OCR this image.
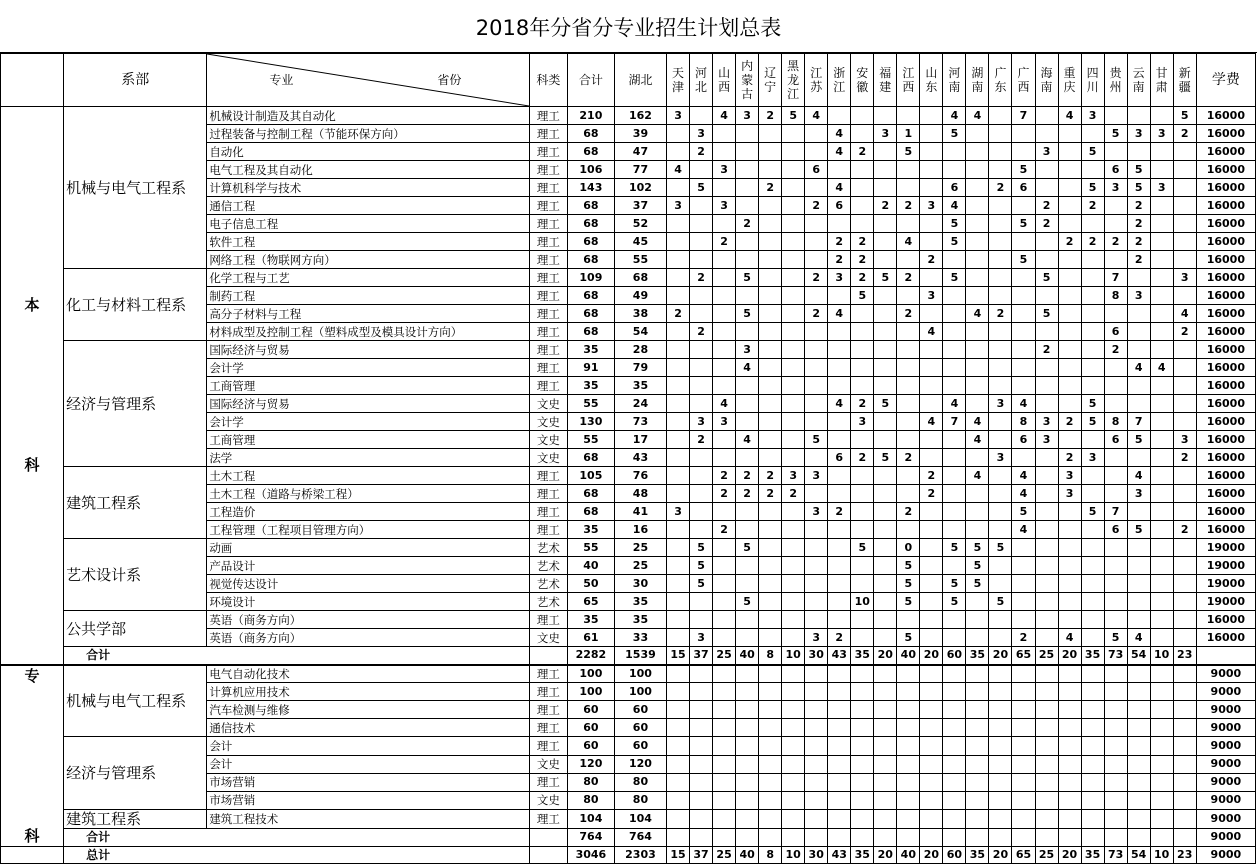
2018年分省分专业招生计划总表
	系部	专业 省份	科类	合计	湖北	天津	河北	山西	内蒙古	辽宁	黑龙江	江苏	浙江	安徽	福建	江西	山东	河南	湖南	广东	广西	海南	重庆	四川	贵州	云南	甘肃	新疆	学费
本

科	机械与电气工程系	机械设计制造及其自动化	理工	210	162	3		4	3	2	5	4						4	4		7		4	3				5	16000
		过程装备与控制工程（节能环保方向）	理工	68	39		3						4		3	1		5							5	3	3	2	16000
		自动化	理工	68	47		2						4	2		5						3		5					16000
		电气工程及其自动化	理工	106	77	4		3				6									5				6	5			16000
		计算机科学与技术	理工	143	102		5			2			4					6		2	6			5	3	5	3		16000
		通信工程	理工	68	37	3		3				2	6		2	2	3	4				2		2		2			16000
		电子信息工程	理工	68	52				2									5			5	2				2			16000
		软件工程	理工	68	45			2					2	2		4		5					2	2	2	2			16000
		网络工程（物联网方向）	理工	68	55								2	2			2				5					2			16000
	化工与材料工程系	化学工程与工艺	理工	109	68		2		5			2	3	2	5	2		5				5			7			3	16000
		制药工程	理工	68	49									5			3								8	3			16000
		高分子材料与工程	理工	68	38	2			5			2	4			2			4	2		5						4	16000
		材料成型及控制工程（塑料成型及模具设计方向）	理工	68	54		2										4								6			2	16000
	经济与管理系	国际经济与贸易	理工	35	28				3													2			2				16000
		会计学	理工	91	79				4																	4	4		16000
		工商管理	理工	35	35																								16000
		国际经济与贸易	文史	55	24			4					4	2	5			4		3	4			5					16000
		会计学	文史	130	73		3	3						3			4	7	4		8	3	2	5	8	7			16000
		工商管理	文史	55	17		2		4			5							4		6	3			6	5		3	16000
		法学	文史	68	43								6	2	5	2				3			2	3				2	16000
	建筑工程系	土木工程	理工	105	76			2	2	2	3	3					2		4		4		3			4			16000
		土木工程（道路与桥梁工程）	理工	68	48			2	2	2	2						2				4		3			3			16000
		工程造价	理工	68	41	3						3	2			2					5			5	7				16000
		工程管理（工程项目管理方向）	理工	35	16			2													4				6	5		2	16000
	艺术设计系	动画	艺术	55	25		5		5					5		0		5	5	5									19000
		产品设计	艺术	40	25		5									5			5										19000
		视觉传达设计	艺术	50	30		5									5		5	5										19000
		环境设计	艺术	65	35				5					10		5		5		5									19000
	公共学部	英语（商务方向）	理工	35	35																								16000
		英语（商务方向）	文史	61	33		3					3	2			5					2		4		5	4			16000
	合计			2282	1539	15	37	25	40	8	10	30	43	35	20	40	20	60	35	20	65	25	20	35	73	54	10	23	
专

科	机械与电气工程系	电气自动化技术	理工	100	100																								9000
		计算机应用技术	理工	100	100																								9000
		汽车检测与维修	理工	60	60																								9000
		通信技术	理工	60	60																								9000
	经济与管理系	会计	理工	60	60																								9000
		会计	文史	120	120																								9000
		市场营销	理工	80	80																								9000
		市场营销	文史	80	80																								9000
	建筑工程系	建筑工程技术	理工	104	104																								9000
	合计			764	764																								9000
	总计			3046	2303	15	37	25	40	8	10	30	43	35	20	40	20	60	35	20	65	25	20	35	73	54	10	23	9000
